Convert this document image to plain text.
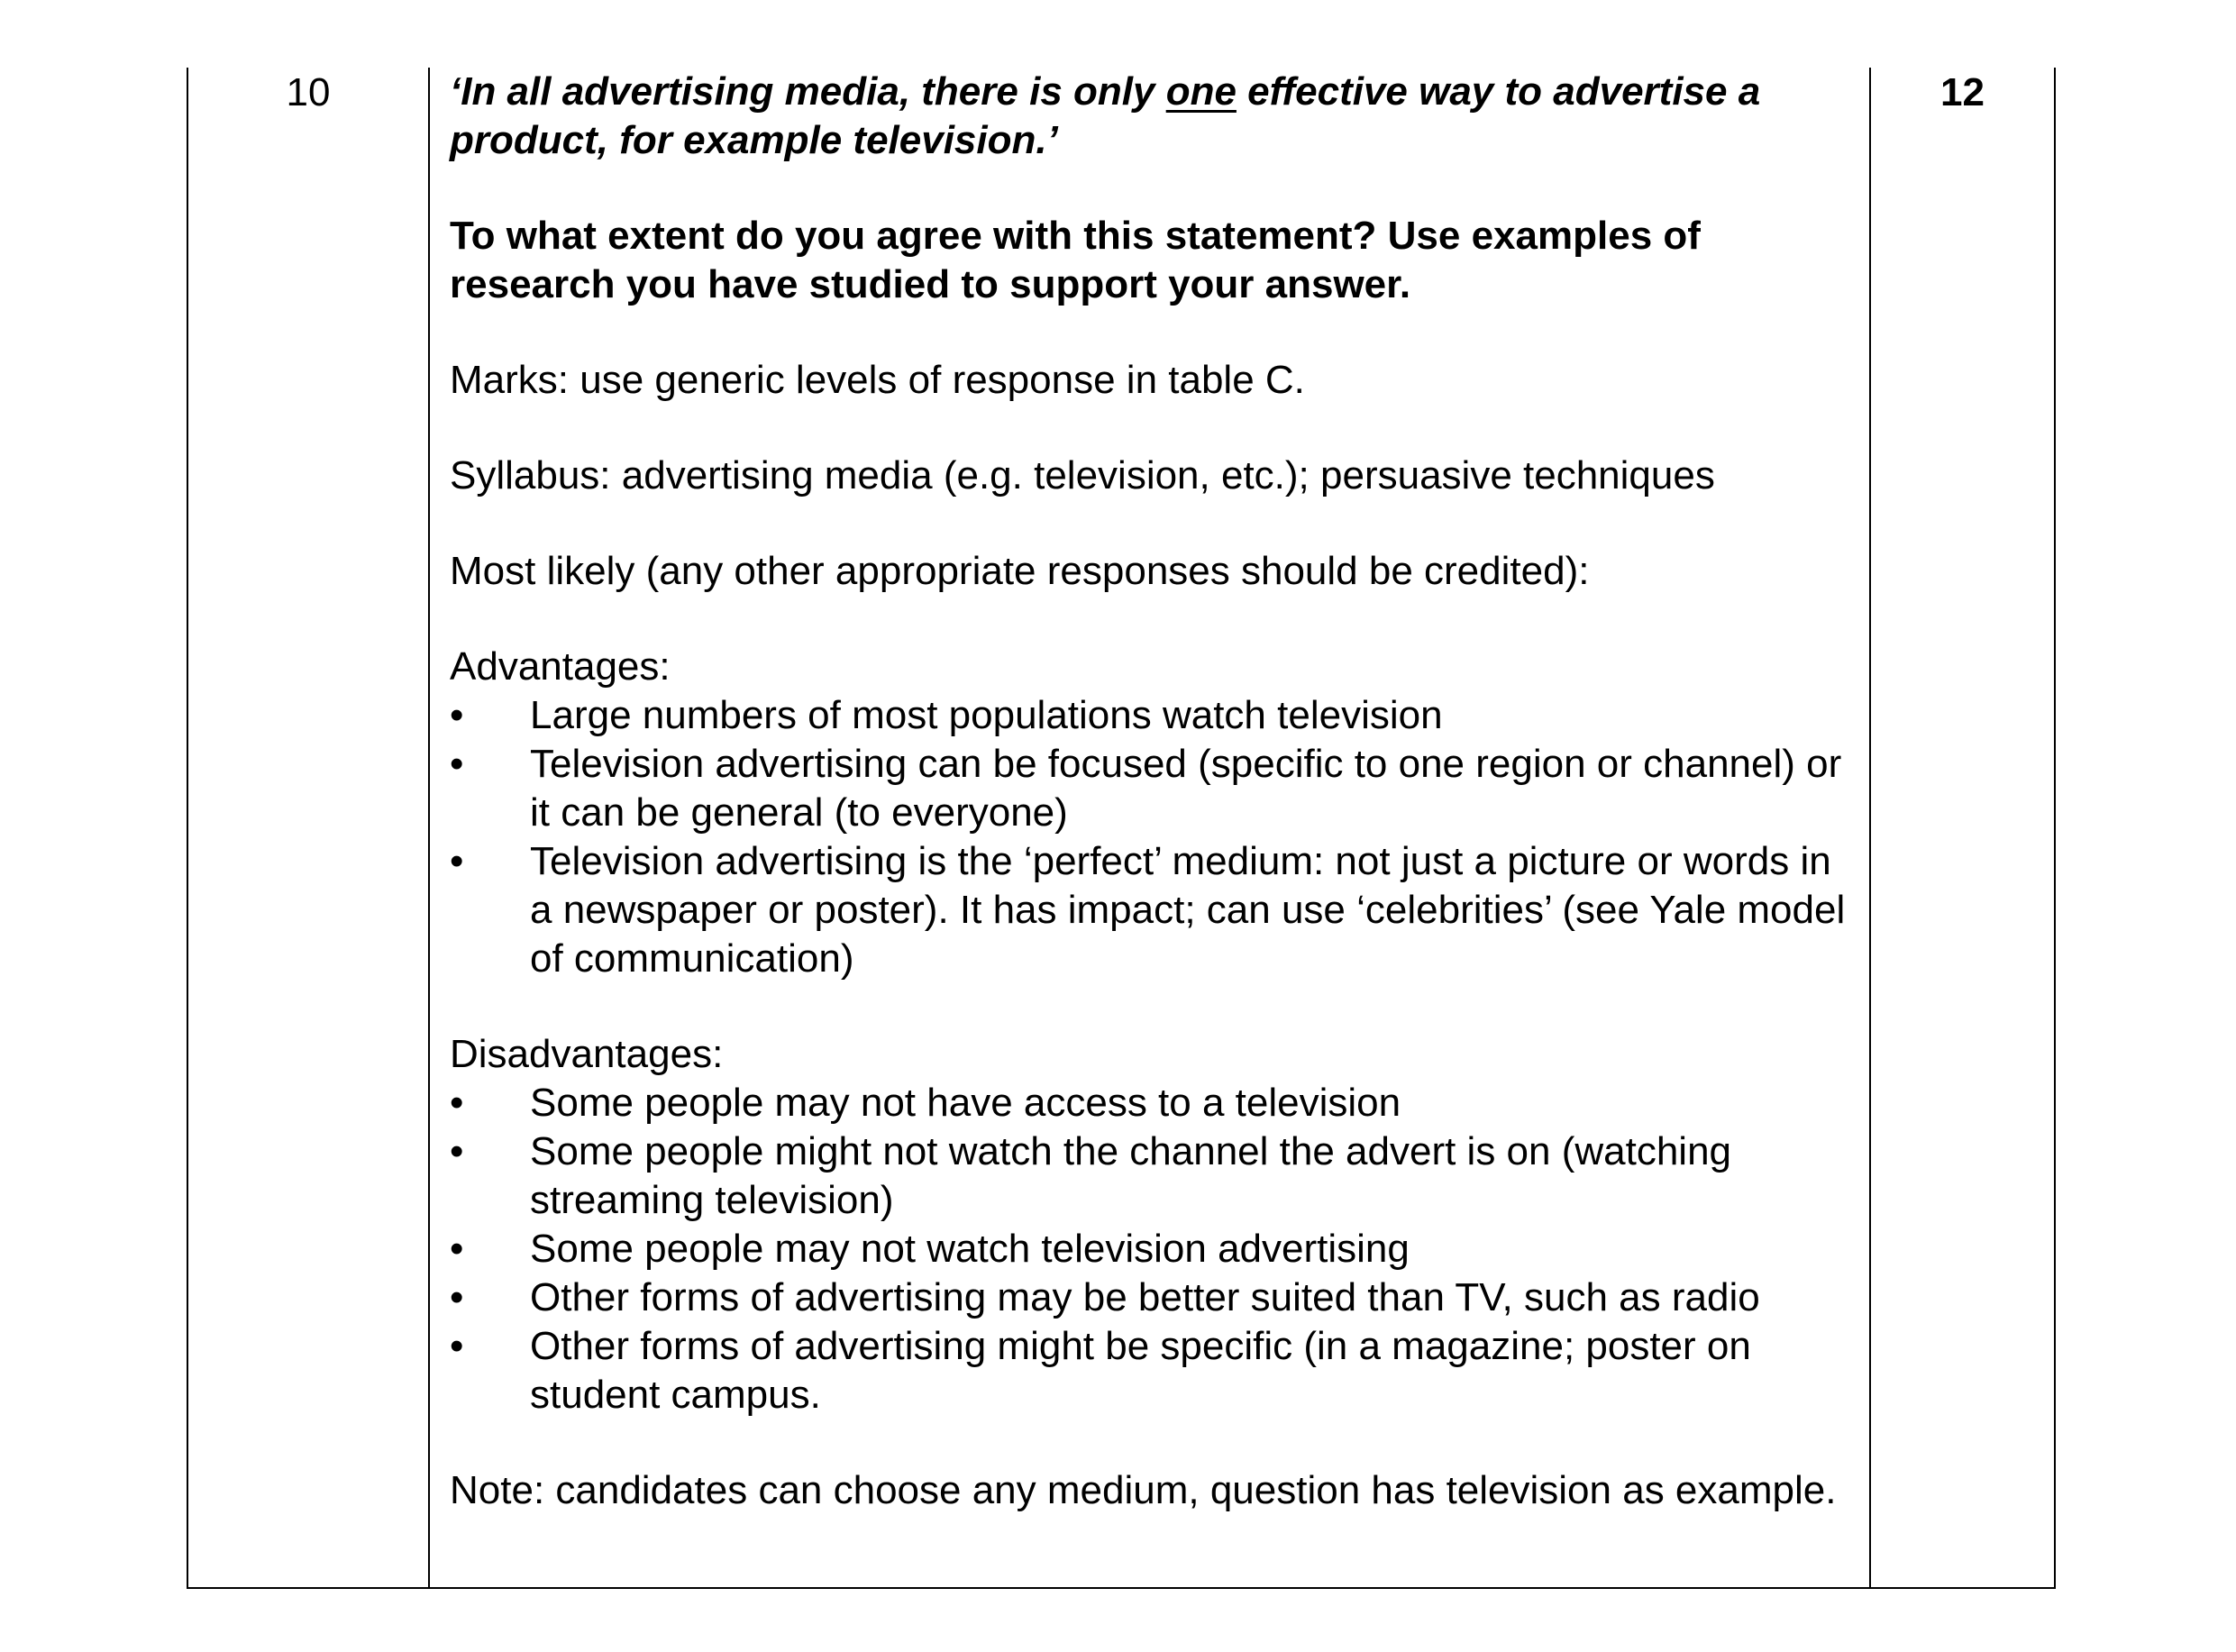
10	‘In all advertising media, there is only one effective way to advertise a product, for example television.’

To what extent do you agree with this statement? Use examples of research you have studied to support your answer.

Marks: use generic levels of response in table C.

Syllabus: advertising media (e.g. television, etc.); persuasive techniques

Most likely (any other appropriate responses should be credited):

Advantages:

•	Large numbers of most populations watch television
•	Television advertising can be focused (specific to one region or channel) or it can be general (to everyone)
•	Television advertising is the ‘perfect’ medium: not just a picture or words in a newspaper or poster). It has impact; can use ‘celebrities’ (see Yale model of communication)

Disadvantages:

•	Some people may not have access to a television
•	Some people might not watch the channel the advert is on (watching streaming television)
•	Some people may not watch television advertising
•	Other forms of advertising may be better suited than TV, such as radio
•	Other forms of advertising might be specific (in a magazine; poster on student campus.

Note: candidates can choose any medium, question has television as example.

12
